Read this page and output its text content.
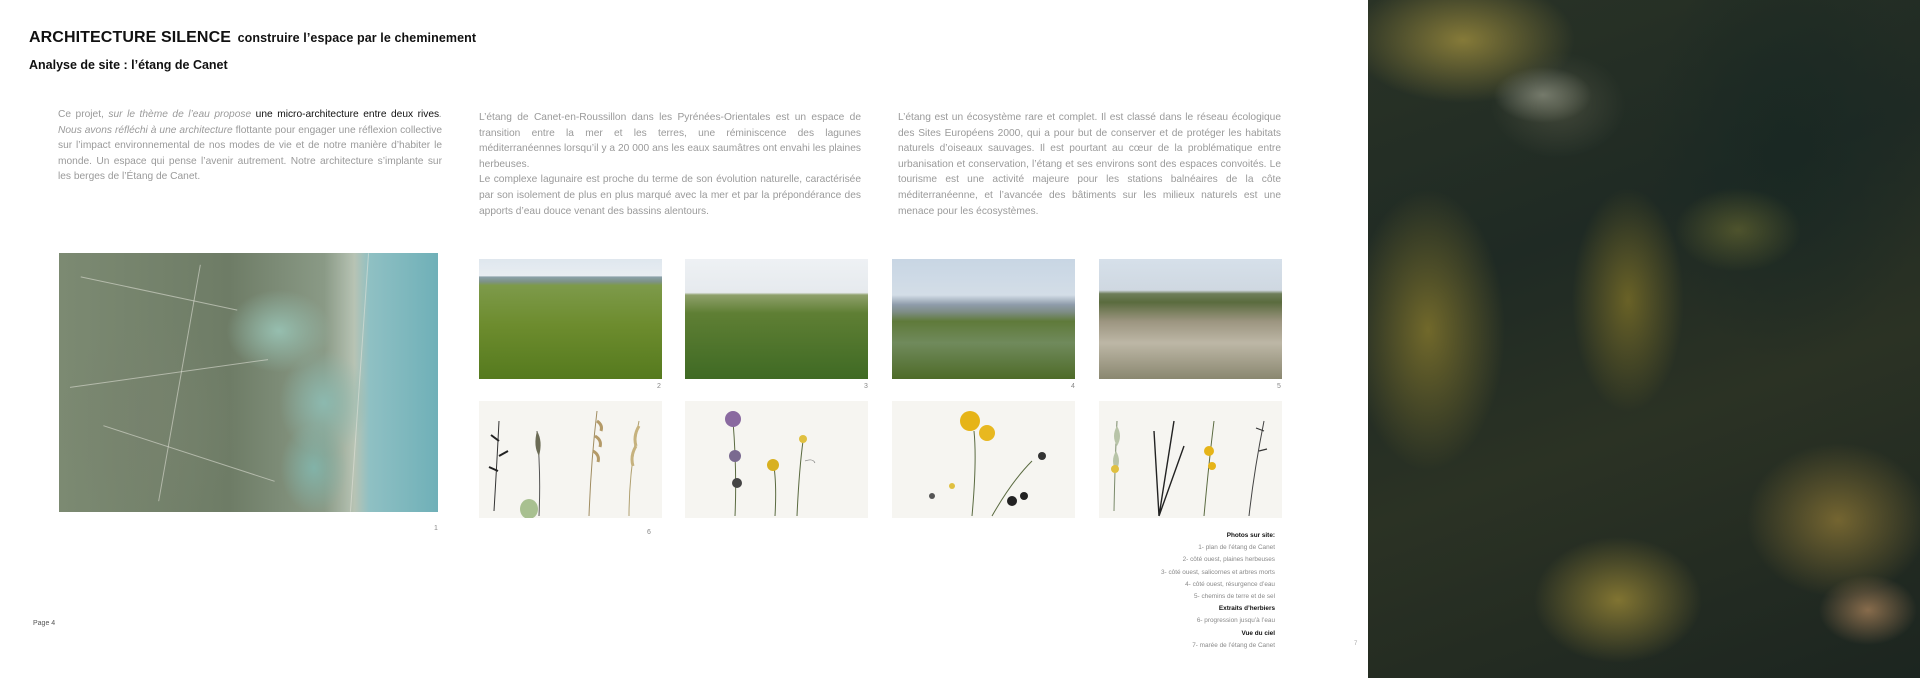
ARCHITECTURE SILENCE construire l’espace par le cheminement
Analyse de site : l’étang de Canet
Ce projet, sur le thème de l’eau propose une micro-architecture entre deux rives. Nous avons réfléchi à une architecture flottante pour engager une réflexion collective sur l’impact environnemental de nos modes de vie et de notre manière d’habiter le monde. Un espace qui pense l’avenir autrement. Notre architecture s’implante sur les berges de l’Étang de Canet.
L’étang de Canet-en-Roussillon dans les Pyrénées-Orientales est un espace de transition entre la mer et les terres, une réminiscence des lagunes méditerranéennes lorsqu’il y a 20 000 ans les eaux saumâtres ont envahi les plaines herbeuses.
Le complexe lagunaire est proche du terme de son évolution naturelle, caractérisée par son isolement de plus en plus marqué avec la mer et par la prépondérance des apports d’eau douce venant des bassins alentours.
L’étang est un écosystème rare et complet. Il est classé dans le réseau écologique des Sites Européens 2000, qui a pour but de conserver et de protéger les habitats naturels d’oiseaux sauvages. Il est pourtant au cœur de la problématique entre urbanisation et conservation, l’étang et ses environs sont des espaces convoités. Le tourisme est une activité majeure pour les stations balnéaires de la côte méditerranéenne, et l’avancée des bâtiments sur les milieux naturels est une menace pour les écosystèmes.
1
2	3	4	5
6	Photos sur site:
1- plan de l’étang de Canet
2- côté ouest, plaines herbeuses
3- côté ouest, salicornes et arbres morts
4- côté ouest, résurgence d’eau
5- chemins de terre et de sel
Extraits d’herbiers
6- progression jusqu’à l’eau
Vue du ciel
7- marée de l’étang de Canet
Page 4
7
